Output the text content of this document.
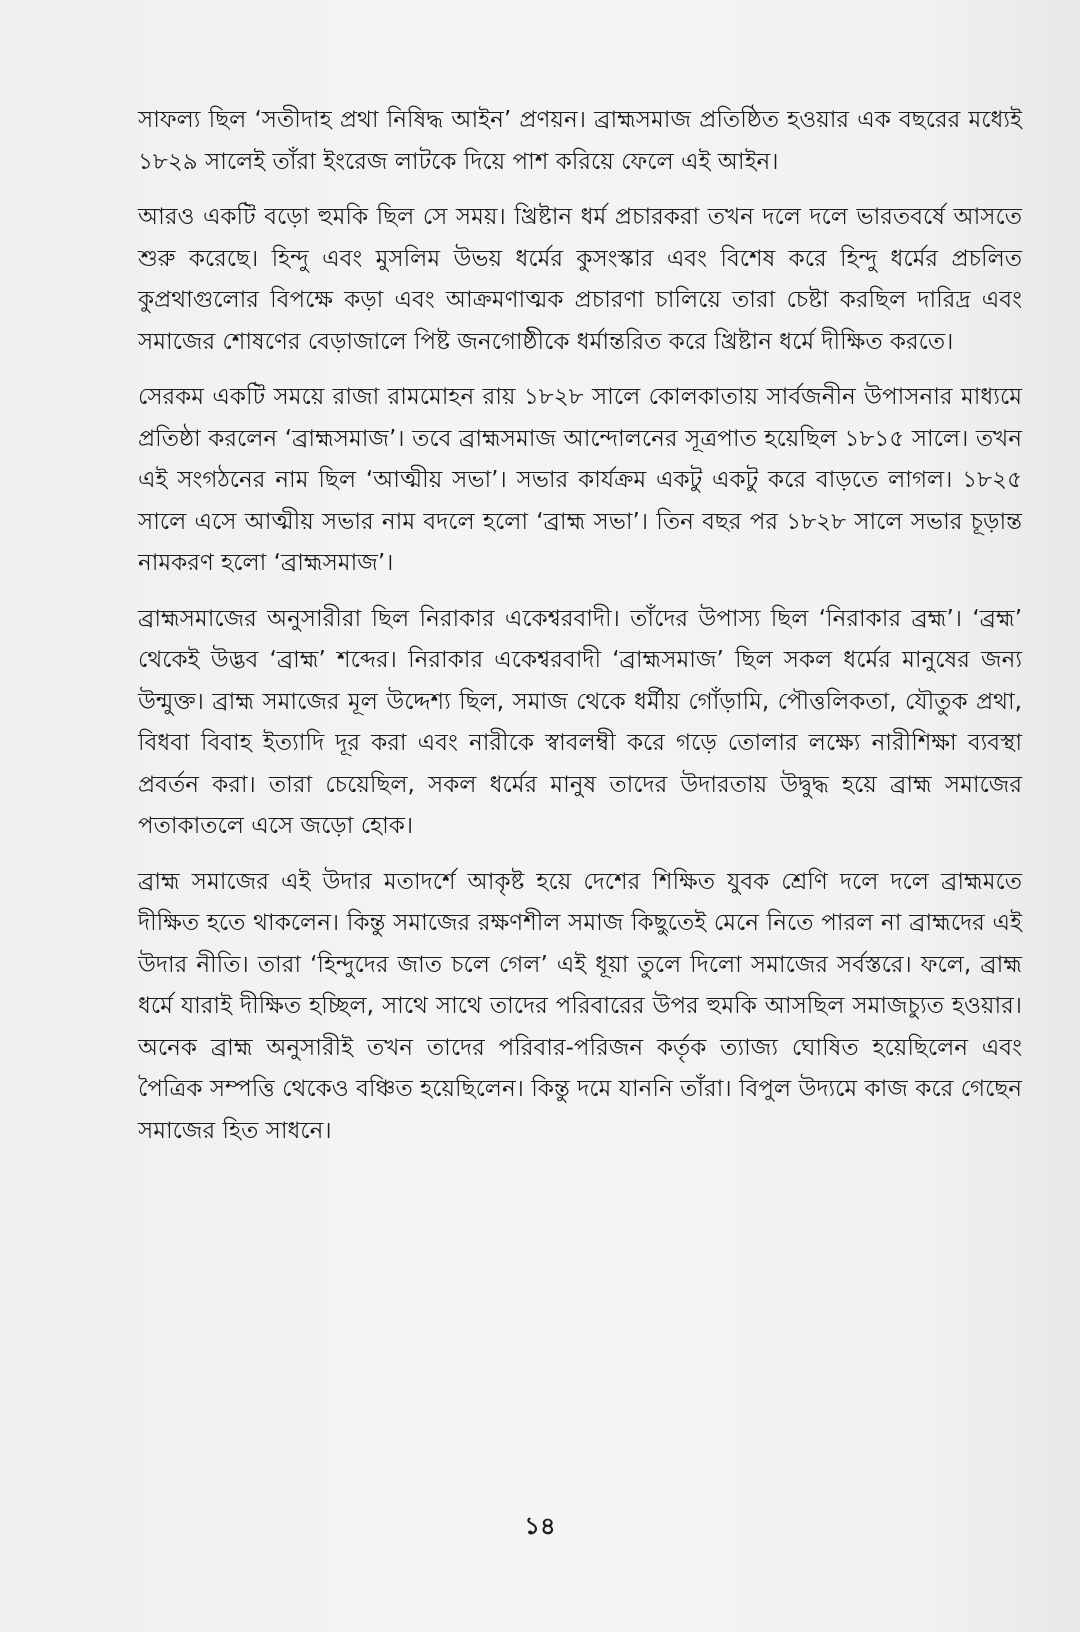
সাফল্য ছিল ‘সতীদাহ প্রথা নিষিদ্ধ আইন’ প্রণয়ন। ব্রাহ্মসমাজ প্রতিষ্ঠিত হওয়ার এক বছরের মধ্যেই ১৮২৯ সালেই তাঁরা ইংরেজ লাটকে দিয়ে পাশ করিয়ে ফেলে এই আইন।

আরও একটি বড়ো হুমকি ছিল সে সময়। খ্রিষ্টান ধর্ম প্রচারকরা তখন দলে দলে ভারতবর্ষে আসতে শুরু করেছে। হিন্দু এবং মুসলিম উভয় ধর্মের কুসংস্কার এবং বিশেষ করে হিন্দু ধর্মের প্রচলিত কুপ্রথাগুলোর বিপক্ষে কড়া এবং আক্রমণাত্মক প্রচারণা চালিয়ে তারা চেষ্টা করছিল দারিদ্র এবং সমাজের শোষণের বেড়াজালে পিষ্ট জনগোষ্ঠীকে ধর্মান্তরিত করে খ্রিষ্টান ধর্মে দীক্ষিত করতে।

সেরকম একটি সময়ে রাজা রামমোহন রায় ১৮২৮ সালে কোলকাতায় সার্বজনীন উপাসনার মাধ্যমে প্রতিষ্ঠা করলেন ‘ব্রাহ্মসমাজ’। তবে ব্রাহ্মসমাজ আন্দোলনের সূত্রপাত হয়েছিল ১৮১৫ সালে। তখন এই সংগঠনের নাম ছিল ‘আত্মীয় সভা’। সভার কার্যক্রম একটু একটু করে বাড়তে লাগল। ১৮২৫ সালে এসে আত্মীয় সভার নাম বদলে হলো ‘ব্রাহ্ম সভা’। তিন বছর পর ১৮২৮ সালে সভার চূড়ান্ত নামকরণ হলো ‘ব্রাহ্মসমাজ’।

ব্রাহ্মসমাজের অনুসারীরা ছিল নিরাকার একেশ্বরবাদী। তাঁদের উপাস্য ছিল ‘নিরাকার ব্রহ্ম’। ‘ব্রহ্ম’ থেকেই উদ্ভব ‘ব্রাহ্ম’ শব্দের। নিরাকার একেশ্বরবাদী ‘ব্রাহ্মসমাজ’ ছিল সকল ধর্মের মানুষের জন্য উন্মুক্ত। ব্রাহ্ম সমাজের মূল উদ্দেশ্য ছিল, সমাজ থেকে ধর্মীয় গোঁড়ামি, পৌত্তলিকতা, যৌতুক প্রথা, বিধবা বিবাহ ইত্যাদি দূর করা এবং নারীকে স্বাবলম্বী করে গড়ে তোলার লক্ষ্যে নারীশিক্ষা ব্যবস্থা প্রবর্তন করা। তারা চেয়েছিল, সকল ধর্মের মানুষ তাদের উদারতায় উদ্বুদ্ধ হয়ে ব্রাহ্ম সমাজের পতাকাতলে এসে জড়ো হোক।

ব্রাহ্ম সমাজের এই উদার মতাদর্শে আকৃষ্ট হয়ে দেশের শিক্ষিত যুবক শ্রেণি দলে দলে ব্রাহ্মমতে দীক্ষিত হতে থাকলেন। কিন্তু সমাজের রক্ষণশীল সমাজ কিছুতেই মেনে নিতে পারল না ব্রাহ্মদের এই উদার নীতি। তারা ‘হিন্দুদের জাত চলে গেল’ এই ধূয়া তুলে দিলো সমাজের সর্বস্তরে। ফলে, ব্রাহ্ম ধর্মে যারাই দীক্ষিত হচ্ছিল, সাথে সাথে তাদের পরিবারের উপর হুমকি আসছিল সমাজচ্যুত হওয়ার। অনেক ব্রাহ্ম অনুসারীই তখন তাদের পরিবার-পরিজন কর্তৃক ত্যাজ্য ঘোষিত হয়েছিলেন এবং পৈত্রিক সম্পত্তি থেকেও বঞ্চিত হয়েছিলেন। কিন্তু দমে যাননি তাঁরা। বিপুল উদ্যমে কাজ করে গেছেন সমাজের হিত সাধনে।

১৪
